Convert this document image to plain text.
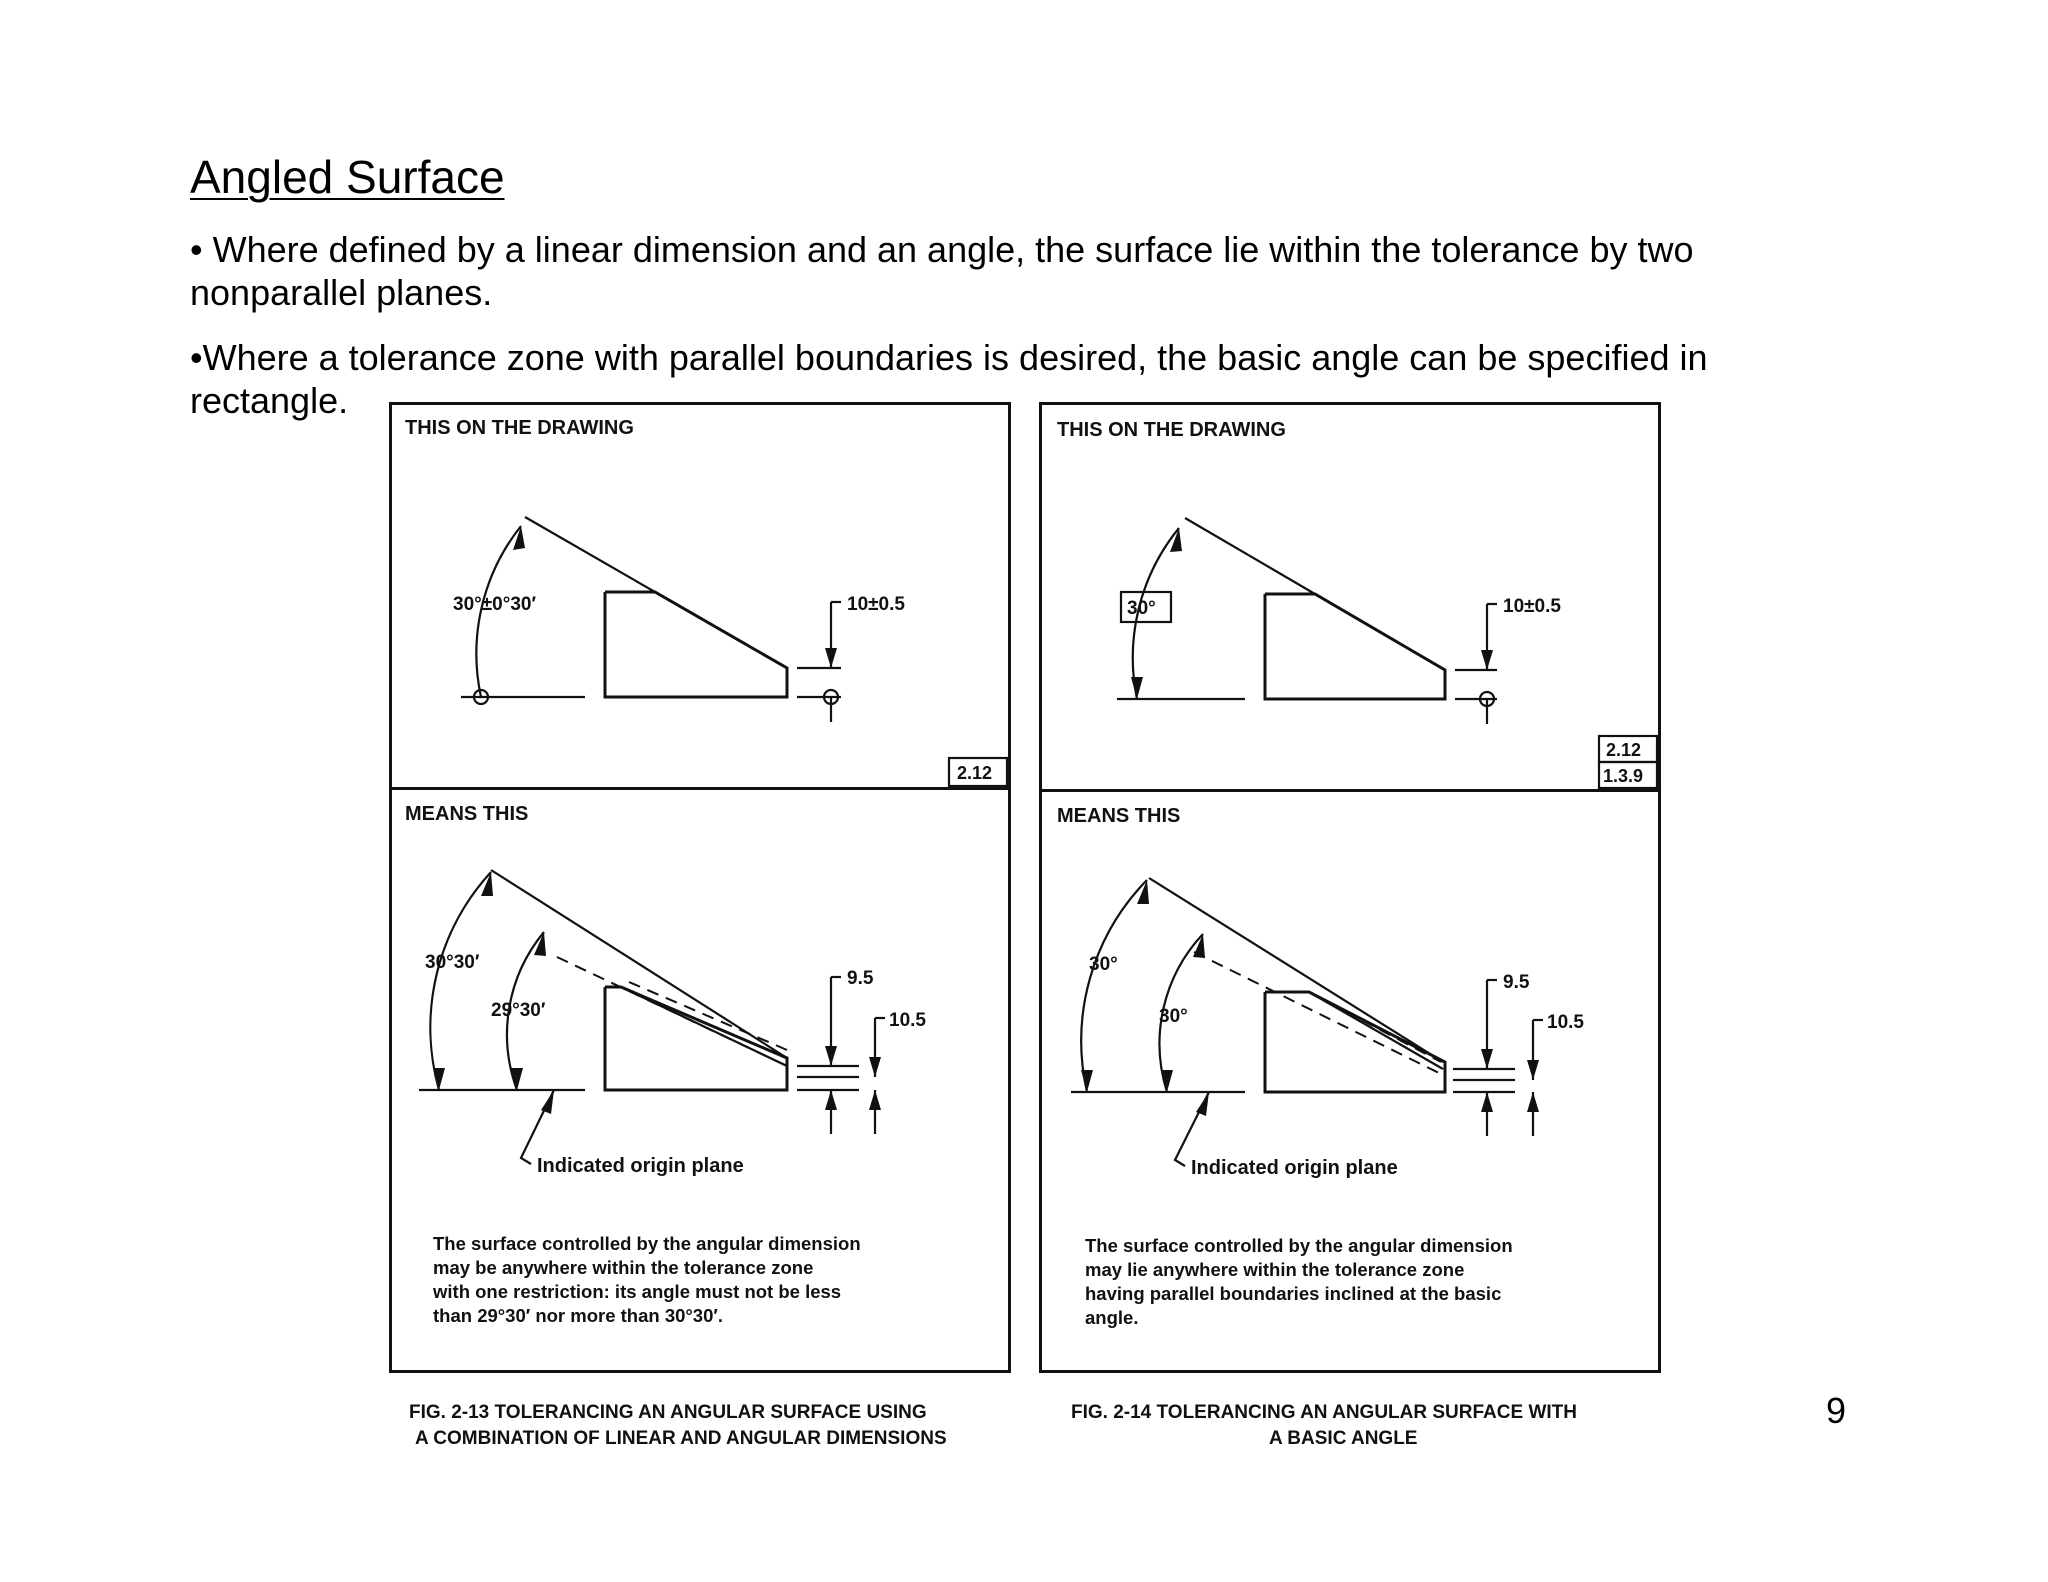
Angled Surface

• Where defined by a linear dimension and an angle, the surface lie within the tolerance by two nonparallel planes.

•Where a tolerance zone with parallel boundaries is desired, the basic angle can be specified in rectangle.

9
THIS ON THE DRAWING
30°±0°30′	10±0.5
2.12
MEANS THIS
30°30′
29°30′
9.5
10.5
Indicated origin plane
The surface controlled by the angular dimension
may be anywhere within the tolerance zone
with one restriction: its angle must not be less
than 29°30′ nor more than 30°30′.
THIS ON THE DRAWING
30°	10±0.5
2.12
1.3.9
MEANS THIS
30°
30°
9.5
10.5
Indicated origin plane
The surface controlled by the angular dimension
may lie anywhere within the tolerance zone
having parallel boundaries inclined at the basic
angle.
FIG. 2-13 TOLERANCING AN ANGULAR SURFACE USING
A COMBINATION OF LINEAR AND ANGULAR DIMENSIONS
FIG. 2-14 TOLERANCING AN ANGULAR SURFACE WITH
A BASIC ANGLE
